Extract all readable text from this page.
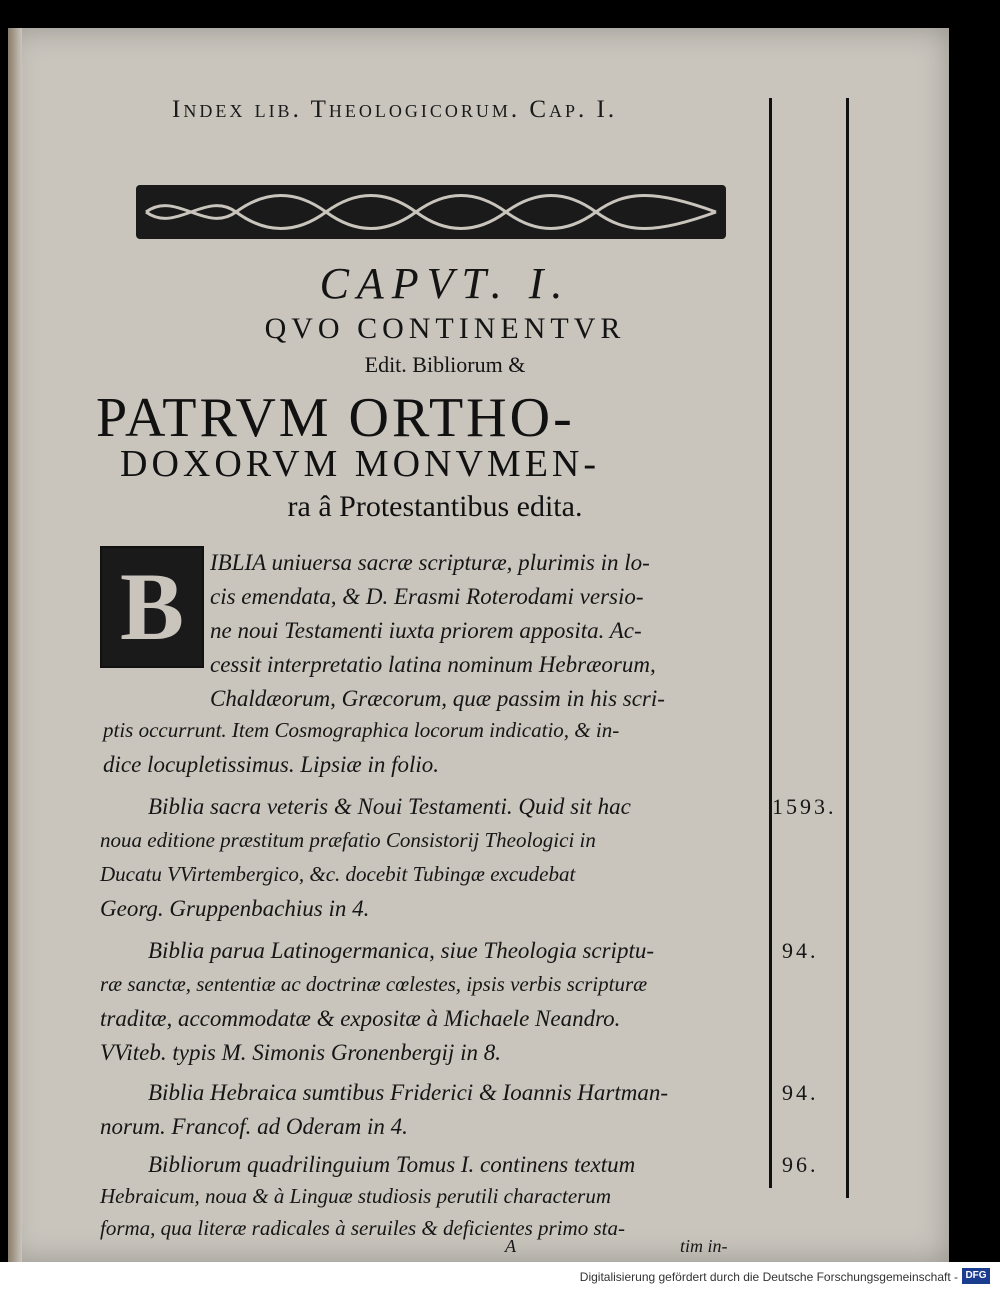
Index lib. Theologicorum. Cap. I.
CAPVT. I.
QVO CONTINENTVR
Edit. Bibliorum &
PATRVM ORTHO-
DOXORVM MONVMEN-
ra â Protestantibus edita.
B	IBLIA uniuersa sacræ scripturæ, plurimis in lo-
cis emendata, & D. Erasmi Roterodami versio-
ne noui Testamenti iuxta priorem apposita. Ac-
cessit interpretatio latina nominum Hebræorum,
Chaldæorum, Græcorum, quæ passim in his scri-
ptis occurrunt. Item Cosmographica locorum indicatio, & in-
dice locupletissimus. Lipsiæ in folio.
Biblia sacra veteris & Noui Testamenti. Quid sit hac	1593.
noua editione præstitum præfatio Consistorij Theologici in
Ducatu VVirtembergico, &c. docebit Tubingæ excudebat
Georg. Gruppenbachius in 4.
Biblia parua Latinogermanica, siue Theologia scriptu-	94.
ræ sanctæ, sententiæ ac doctrinæ cœlestes, ipsis verbis scripturæ
traditæ, accommodatæ & expositæ à Michaele Neandro.
VViteb. typis M. Simonis Gronenbergij in 8.
Biblia Hebraica sumtibus Friderici & Ioannis Hartman-	94.
norum. Francof. ad Oderam in 4.
Bibliorum quadrilinguium Tomus I. continens textum	96.
Hebraicum, noua & à Linguæ studiosis perutili characterum
forma, qua literæ radicales à seruiles & deficientes primo sta-
A	tim in-
Digitalisierung gefördert durch die Deutsche Forschungsgemeinschaft - DFG
